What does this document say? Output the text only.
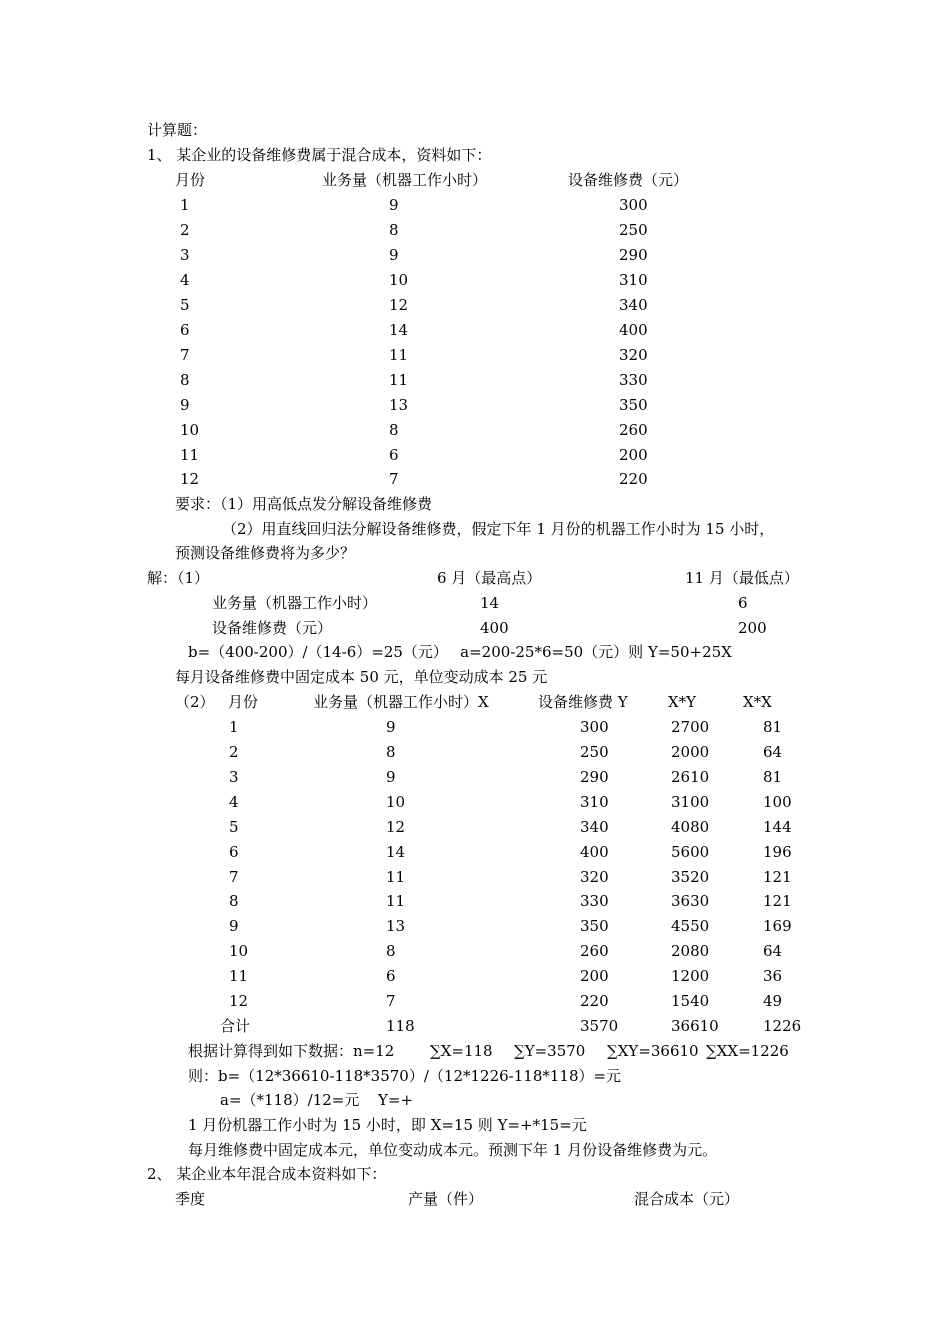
计算题：
1、 某企业的设备维修费属于混合成本，资料如下：
月份	业务量（机器工作小时）	设备维修费（元）
1	9	300
2	8	250
3	9	290
4	10	310
5	12	340
6	14	400
7	11	320
8	11	330
9	13	350
10	8	260
11	6	200
12	7	220
要求：（1）用高低点发分解设备维修费
（2）用直线回归法分解设备维修费，假定下年 1 月份的机器工作小时为 15 小时，
预测设备维修费将为多少？
解：（1）	6 月（最高点）	11 月（最低点）
业务量（机器工作小时）	14	6
设备维修费（元）	400	200
b=（400-200）/（14-6）=25（元）　 a=200-25*6=50（元）则 Y=50+25X
每月设备维修费中固定成本 50 元，单位变动成本 25 元
（2） 月份	业务量（机器工作小时）X	设备维修费 Y	X*Y	X*X
1	9	300	2700	81
2	8	250	2000	64
3	9	290	2610	81
4	10	310	3100	100
5	12	340	4080	144
6	14	400	5600	196
7	11	320	3520	121
8	11	330	3630	121
9	13	350	4550	169
10	8	260	2080	64
11	6	200	1200	36
12	7	220	1540	49
合计	118	3570	36610	1226
根据计算得到如下数据：n=12 ∑X=118 ∑Y=3570 ∑XY=36610 ∑XX=1226
则：b=（12*36610-118*3570）/（12*1226-118*118）=元
a=（*118）/12=元 Y=+
1 月份机器工作小时为 15 小时，即 X=15 则 Y=+*15=元
每月维修费中固定成本元，单位变动成本元。预测下年 1 月份设备维修费为元。
2、 某企业本年混合成本资料如下：
季度	产量（件）	混合成本（元）
